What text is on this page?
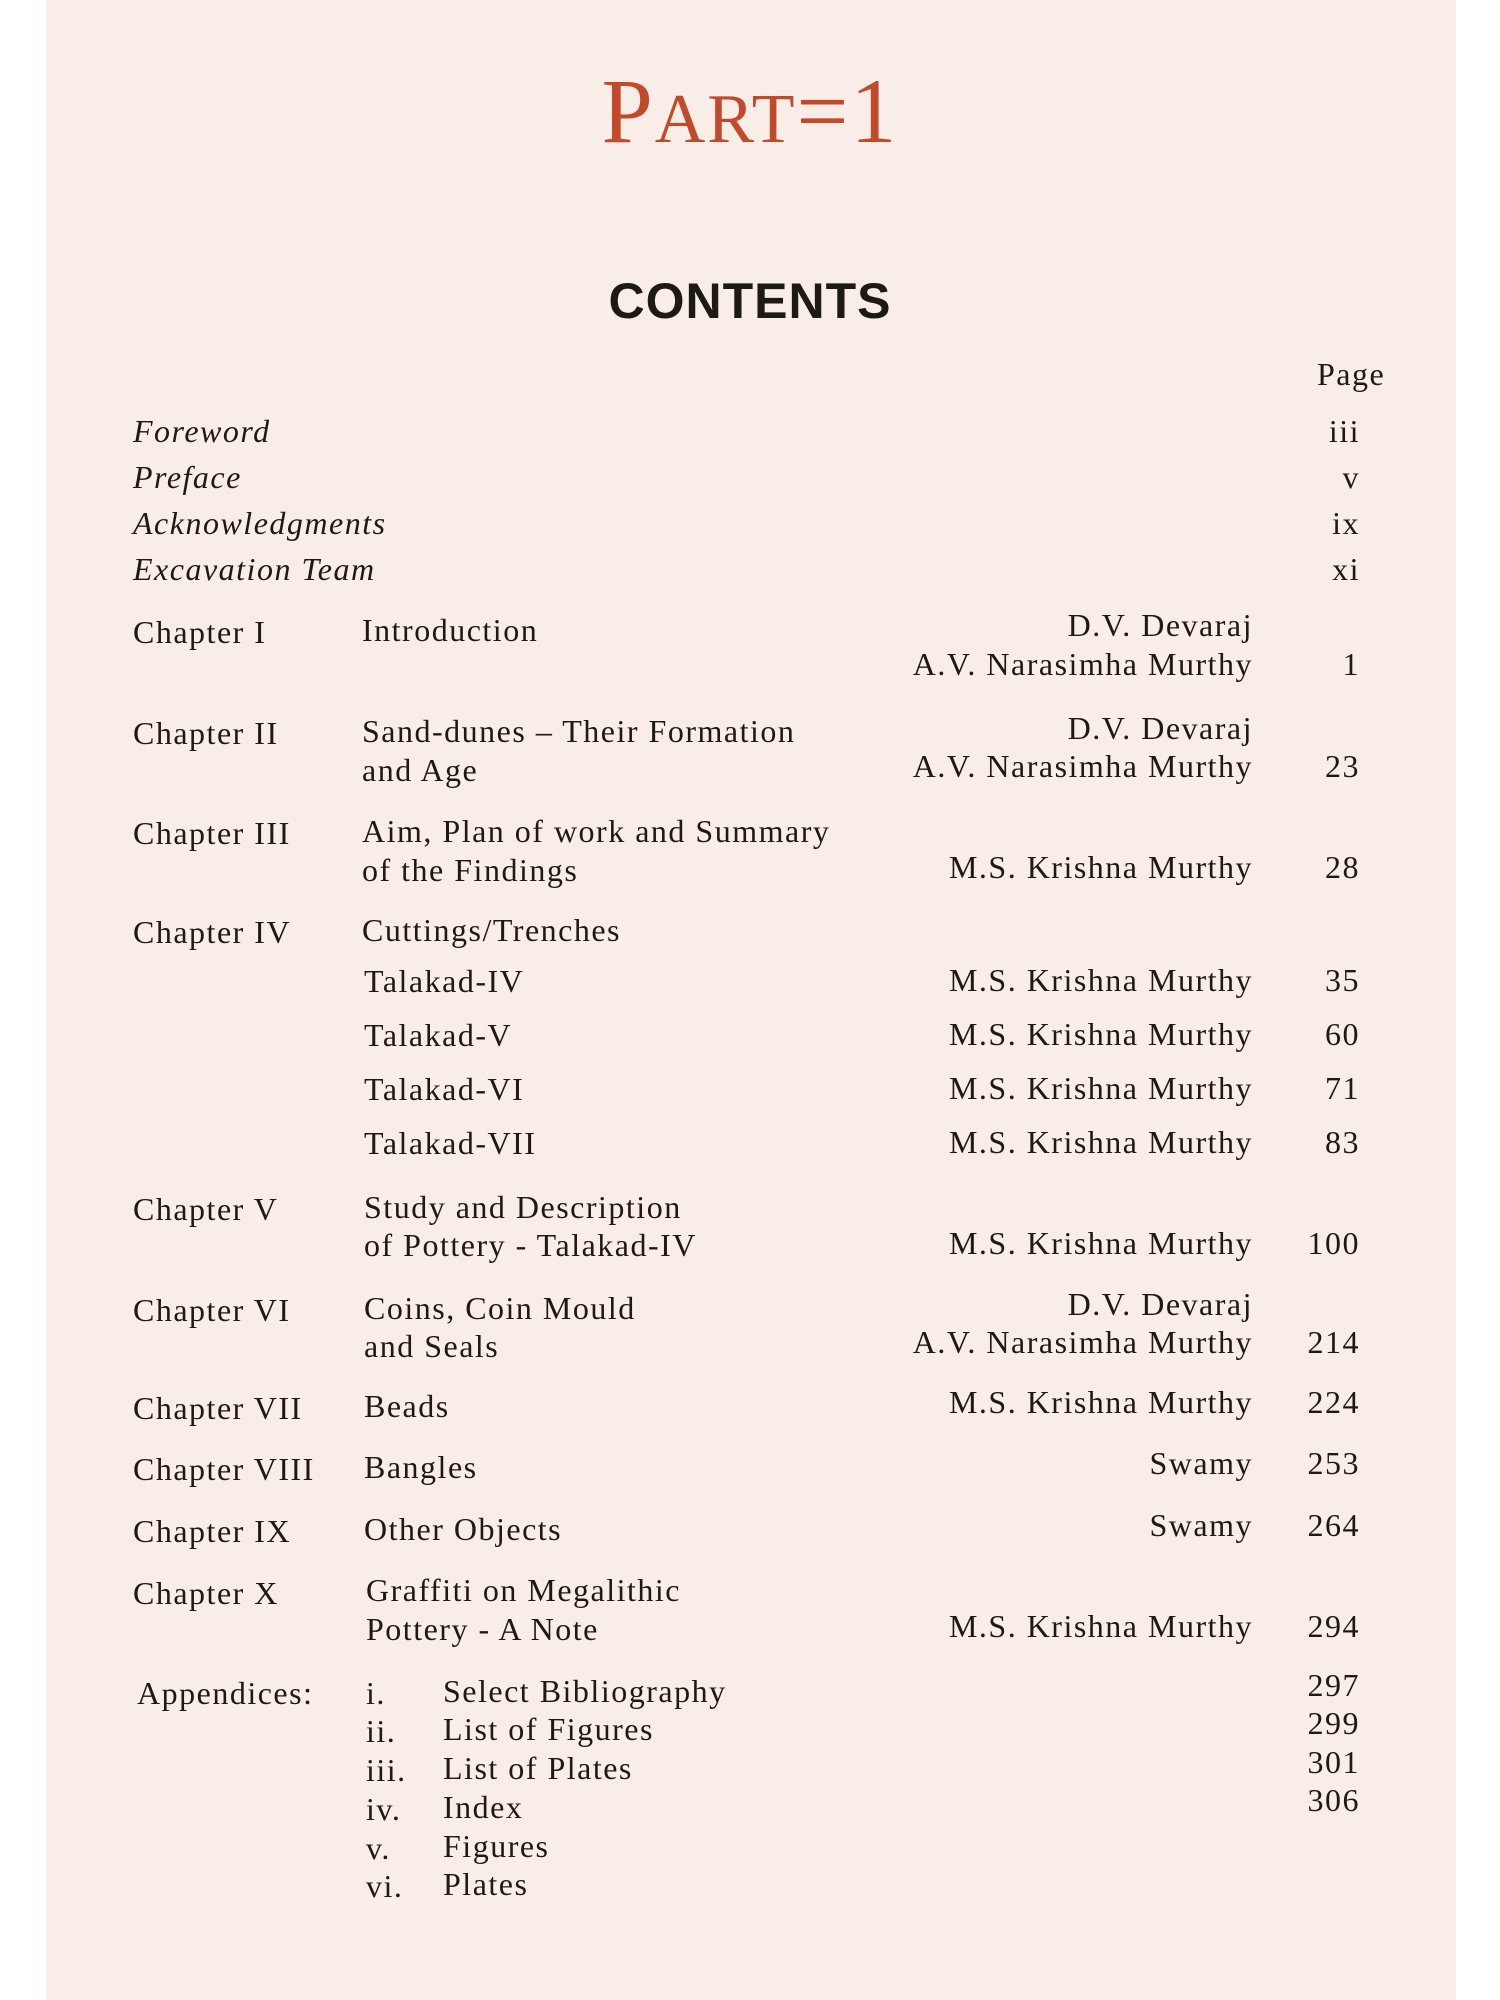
PART=1
CONTENTS
Page
Foreword	iii
Preface	v
Acknowledgments	ix
Excavation Team	xi
Chapter I	Introduction	D.V. Devaraj
A.V. Narasimha Murthy	1
Chapter II	Sand-dunes – Their Formation
and Age
D.V. Devaraj
A.V. Narasimha Murthy 23
Chapter III Aim, Plan of work and Summary
of the Findings	M.S. Krishna Murthy 28
Chapter IV Cuttings/Trenches
Talakad-IV	M.S. Krishna Murthy 35
Talakad-V	M.S. Krishna Murthy 60
Talakad-VI	M.S. Krishna Murthy 71
Talakad-VII	M.S. Krishna Murthy 83
Chapter V	Study and Description
of Pottery - Talakad-IV	M.S. Krishna Murthy 100
Chapter VI Coins, Coin Mould
and Seals
D.V. Devaraj
A.V. Narasimha Murthy 214
Chapter VII Beads	M.S. Krishna Murthy 224
Chapter VIII Bangles	Swamy 253
Chapter IX Other Objects	Swamy 264
Chapter X	Graffiti on Megalithic
Pottery - A Note	M.S. Krishna Murthy 294
Appendices: i. Select Bibliography	297
ii. List of Figures	299
iii. List of Plates	301
iv. Index	306
v. Figures
vi. Plates
